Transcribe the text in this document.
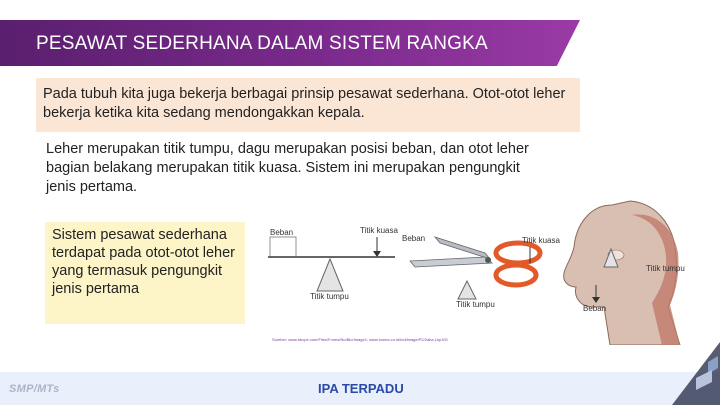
PESAWAT SEDERHANA DALAM SISTEM RANGKA
Pada tubuh kita juga bekerja berbagai prinsip pesawat sederhana. Otot-otot leher bekerja ketika kita sedang mendongakkan kepala.
Leher merupakan titik tumpu, dagu merupakan posisi beban, dan otot leher bagian belakang merupakan titik kuasa. Sistem ini merupakan pengungkit jenis pertama.
Sistem pesawat sederhana terdapat pada otot-otot leher yang termasuk pengungkit jenis pertama
Beban	Titik kuasa
Titik tumpu
Beban	Titik kuasa
Titik tumpu	Beban
Titik tumpu
Sumber: www.hbcpe.com/Files/Forms/No/Bio/Image1; www.inoma.co.id/ind/image/P2/2aha.Lhp3/G
SMP/MTs	IPA TERPADU
